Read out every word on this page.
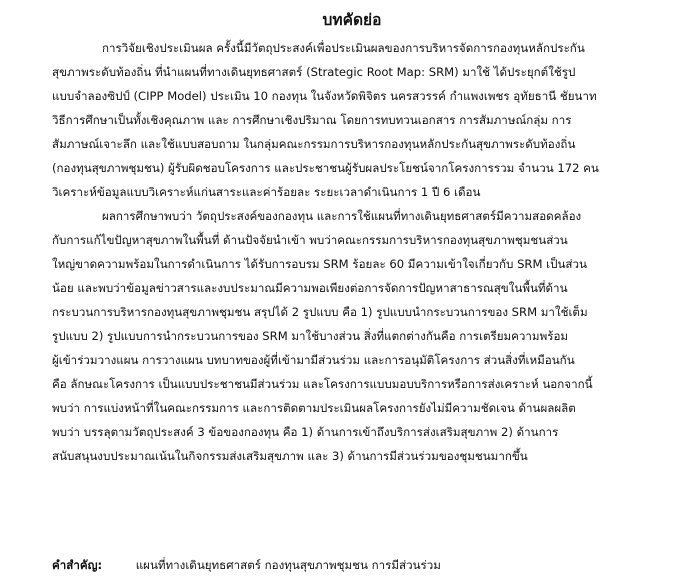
บทคัดย่อ
การวิจัยเชิงประเมินผล ครั้งนี้มีวัตถุประสงค์เพื่อประเมินผลของการบริหารจัดการกองทุนหลักประกัน
สุขภาพระดับท้องถิ่น ที่นำแผนที่ทางเดินยุทธศาสตร์ (Strategic Root Map: SRM) มาใช้ ได้ประยุกต์ใช้รูป
แบบจำลองซิปป์ (CIPP Model) ประเมิน 10 กองทุน ในจังหวัดพิจิตร นครสวรรค์ กำแพงเพชร อุทัยธานี ชัยนาท
วิธีการศึกษาเป็นทั้งเชิงคุณภาพ และ การศึกษาเชิงปริมาณ โดยการทบทวนเอกสาร การสัมภาษณ์กลุ่ม การ
สัมภาษณ์เจาะลึก และใช้แบบสอบถาม ในกลุ่มคณะกรรมการบริหารกองทุนหลักประกันสุขภาพระดับท้องถิ่น
(กองทุนสุขภาพชุมชน) ผู้รับผิดชอบโครงการ และประชาชนผู้รับผลประโยชน์จากโครงการรวม จำนวน 172 คน
วิเคราะห์ข้อมูลแบบวิเคราะห์แก่นสาระและค่าร้อยละ ระยะเวลาดำเนินการ 1 ปี 6 เดือน
ผลการศึกษาพบว่า วัตถุประสงค์ของกองทุน และการใช้แผนที่ทางเดินยุทธศาสตร์มีความสอดคล้อง
กับการแก้ไขปัญหาสุขภาพในพื้นที่ ด้านปัจจัยนำเข้า พบว่าคณะกรรมการบริหารกองทุนสุขภาพชุมชนส่วน
ใหญ่ขาดความพร้อมในการดำเนินการ ได้รับการอบรม SRM ร้อยละ 60 มีความเข้าใจเกี่ยวกับ SRM เป็นส่วน
น้อย และพบว่าข้อมูลข่าวสารและงบประมาณมีความพอเพียงต่อการจัดการปัญหาสาธารณสุขในพื้นที่ด้าน
กระบวนการบริหารกองทุนสุขภาพชุมชน สรุปได้ 2 รูปแบบ คือ 1) รูปแบบนำกระบวนการของ SRM มาใช้เต็ม
รูปแบบ 2) รูปแบบการนำกระบวนการของ SRM มาใช้บางส่วน สิ่งที่แตกต่างกันคือ การเตรียมความพร้อม
ผู้เข้าร่วมวางแผน การวางแผน บทบาทของผู้ที่เข้ามามีส่วนร่วม และการอนุมัติโครงการ ส่วนสิ่งที่เหมือนกัน
คือ ลักษณะโครงการ เป็นแบบประชาชนมีส่วนร่วม และโครงการแบบมอบบริการหรือการส่งเคราะห์ นอกจากนี้
พบว่า การแบ่งหน้าที่ในคณะกรรมการ และการติดตามประเมินผลโครงการยังไม่มีความชัดเจน ด้านผลผลิต
พบว่า บรรลุตามวัตถุประสงค์ 3 ข้อของกองทุน คือ 1) ด้านการเข้าถึงบริการส่งเสริมสุขภาพ 2) ด้านการ
สนับสนุนงบประมาณเน้นในกิจกรรมส่งเสริมสุขภาพ และ 3) ด้านการมีส่วนร่วมของชุมชนมากขึ้น
คำสำคัญ:	แผนที่ทางเดินยุทธศาสตร์ กองทุนสุขภาพชุมชน การมีส่วนร่วม
